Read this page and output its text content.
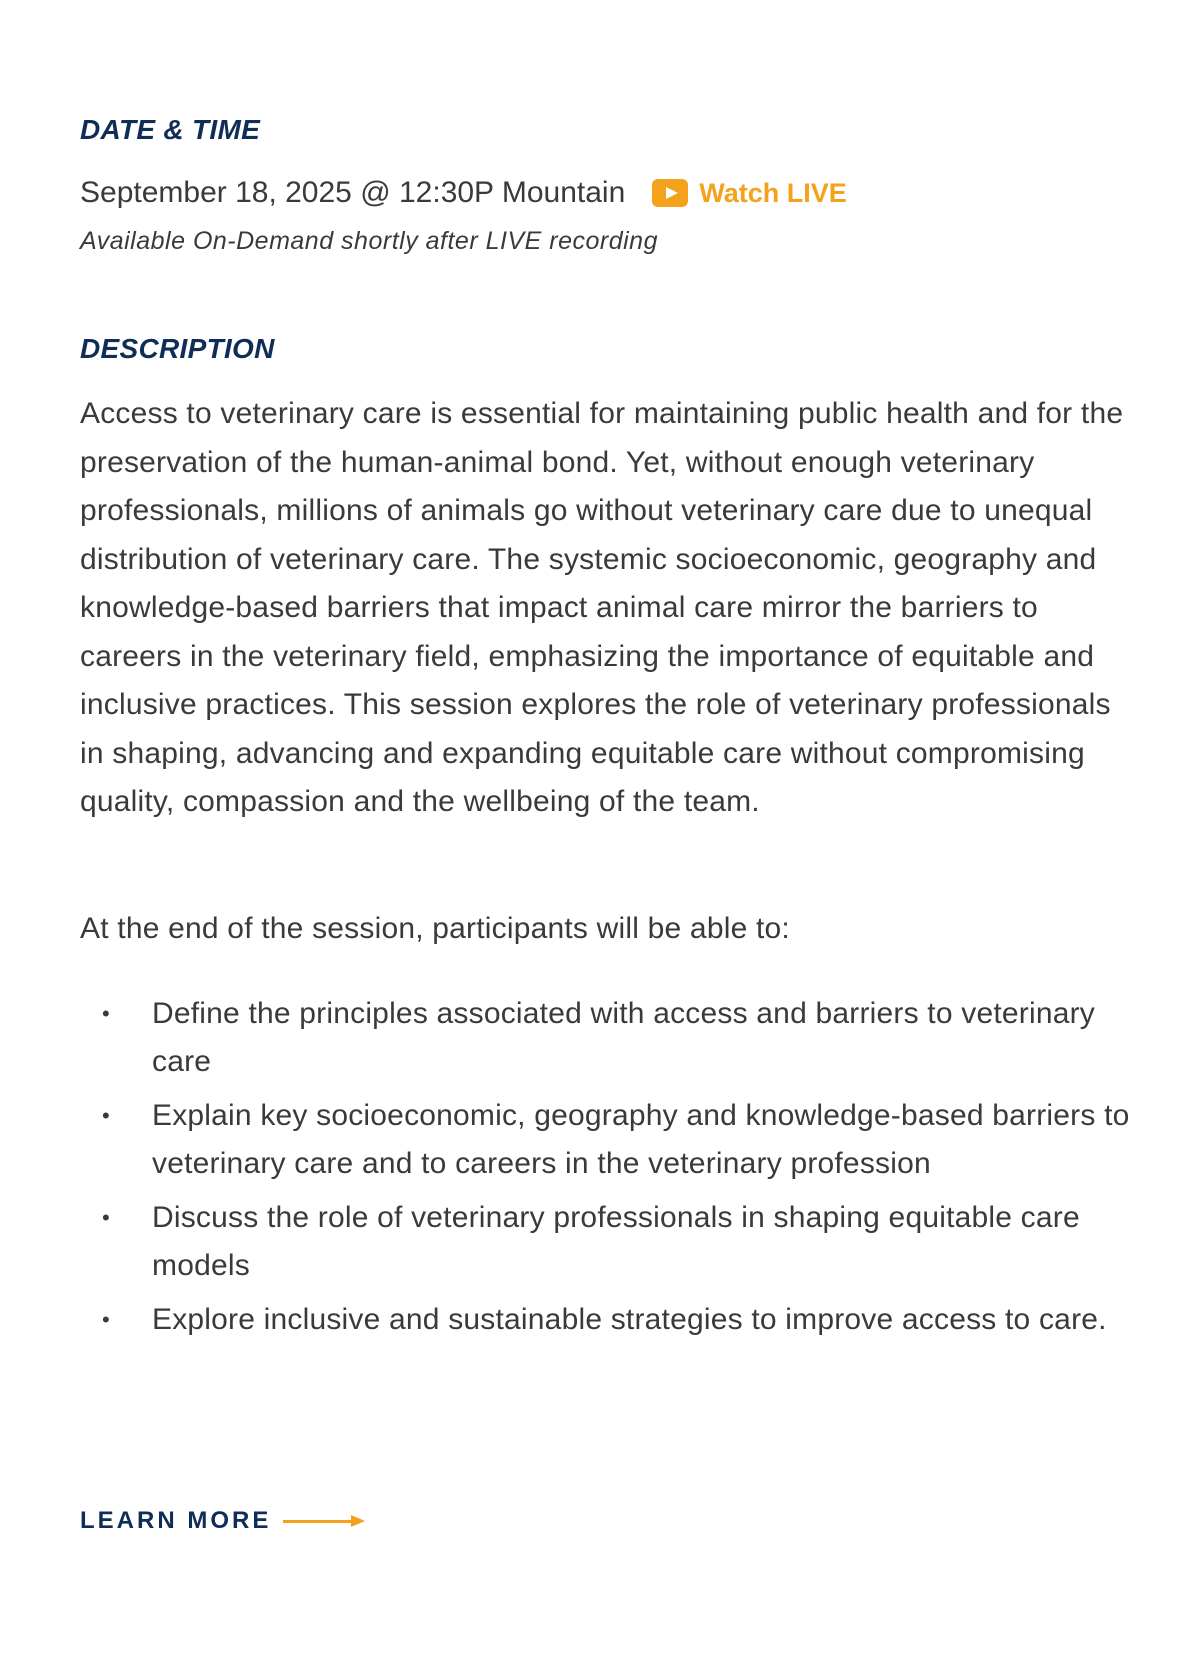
DATE & TIME
September 18, 2025 @ 12:30P Mountain	Watch LIVE
Available On-Demand shortly after LIVE recording
DESCRIPTION

Access to veterinary care is essential for maintaining public health and for the preservation of the human-animal bond. Yet, without enough veterinary professionals, millions of animals go without veterinary care due to unequal distribution of veterinary care. The systemic socioeconomic, geography and knowledge-based barriers that impact animal care mirror the barriers to careers in the veterinary field, emphasizing the importance of equitable and inclusive practices. This session explores the role of veterinary professionals in shaping, advancing and expanding equitable care without compromising quality, compassion and the wellbeing of the team.

At the end of the session, participants will be able to:

• Define the principles associated with access and barriers to veterinary care
• Explain key socioeconomic, geography and knowledge-based barriers to veterinary care and to careers in the veterinary profession
• Discuss the role of veterinary professionals in shaping equitable care models
• Explore inclusive and sustainable strategies to improve access to care.
LEARN MORE
